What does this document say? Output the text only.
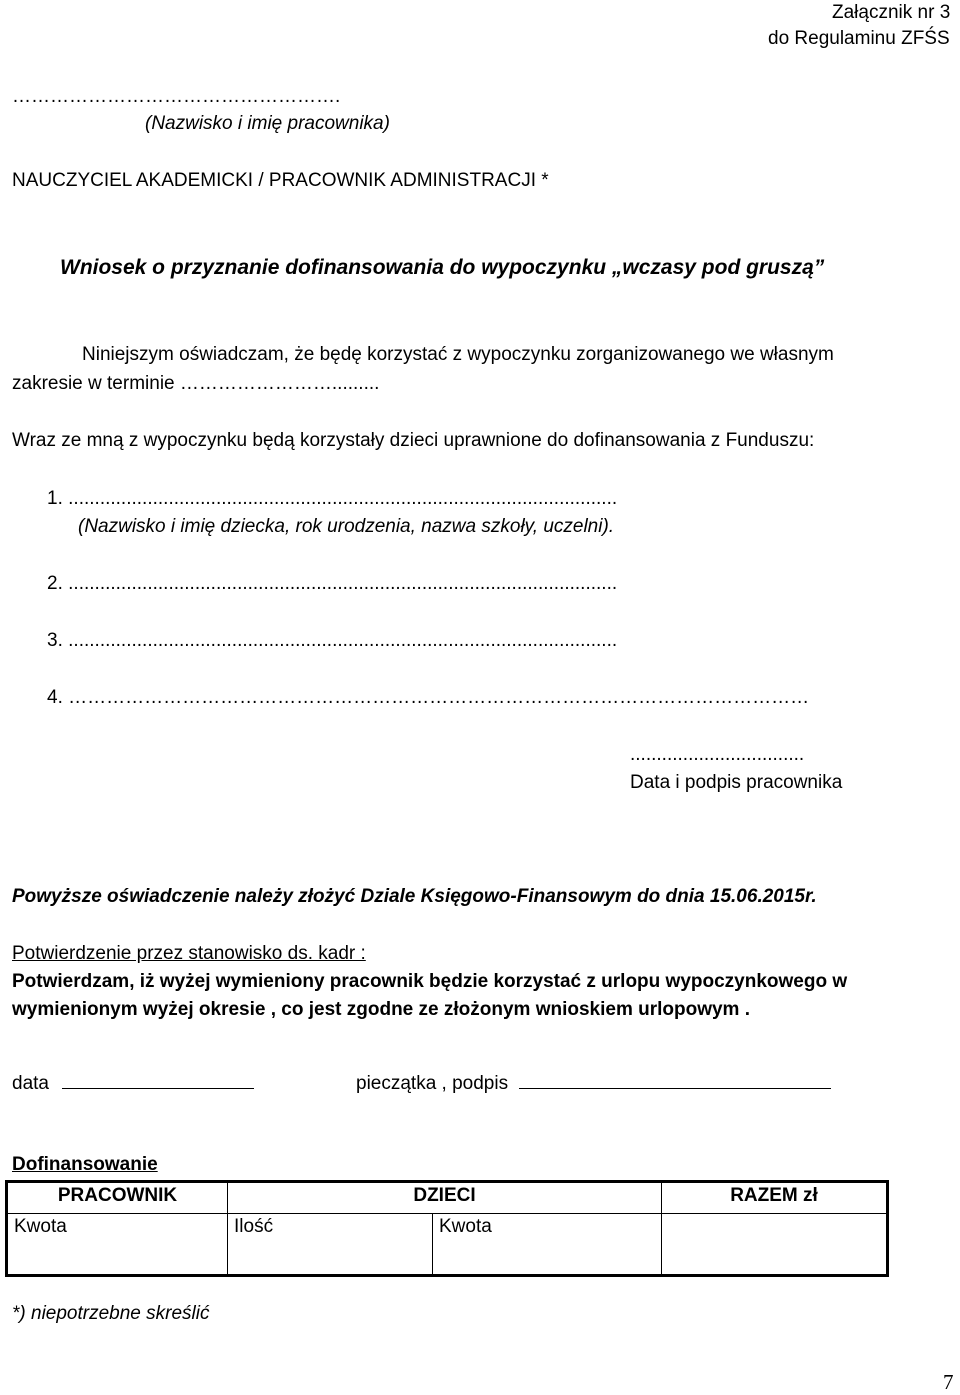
Załącznik nr 3
do Regulaminu ZFŚS
…………………………………………….
(Nazwisko i imię pracownika)
NAUCZYCIEL AKADEMICKI / PRACOWNIK ADMINISTRACJI *
Wniosek o przyznanie dofinansowania do wypoczynku „wczasy pod gruszą”
Niniejszym oświadczam, że będę korzystać z wypoczynku zorganizowanego we własnym
zakresie w terminie …………………….........
Wraz ze mną z wypoczynku będą korzystały dzieci uprawnione do dofinansowania z Funduszu:
1. ........................................................................................................
(Nazwisko i imię dziecka, rok urodzenia, nazwa szkoły, uczelni).
2. ........................................................................................................
3. ........................................................................................................
4. ………………………………………………………………………………………………………
.................................
Data i podpis pracownika
Powyższe oświadczenie należy złożyć Dziale Księgowo-Finansowym do dnia 15.06.2015r.
Potwierdzenie przez stanowisko ds. kadr :
Potwierdzam, iż wyżej wymieniony pracownik będzie korzystać z urlopu wypoczynkowego w
wymienionym wyżej okresie , co jest zgodne ze złożonym wnioskiem urlopowym .
data	pieczątka , podpis
Dofinansowanie
PRACOWNIK	DZIECI		RAZEM zł
Kwota	Ilość	Kwota	
*) niepotrzebne skreślić
7
